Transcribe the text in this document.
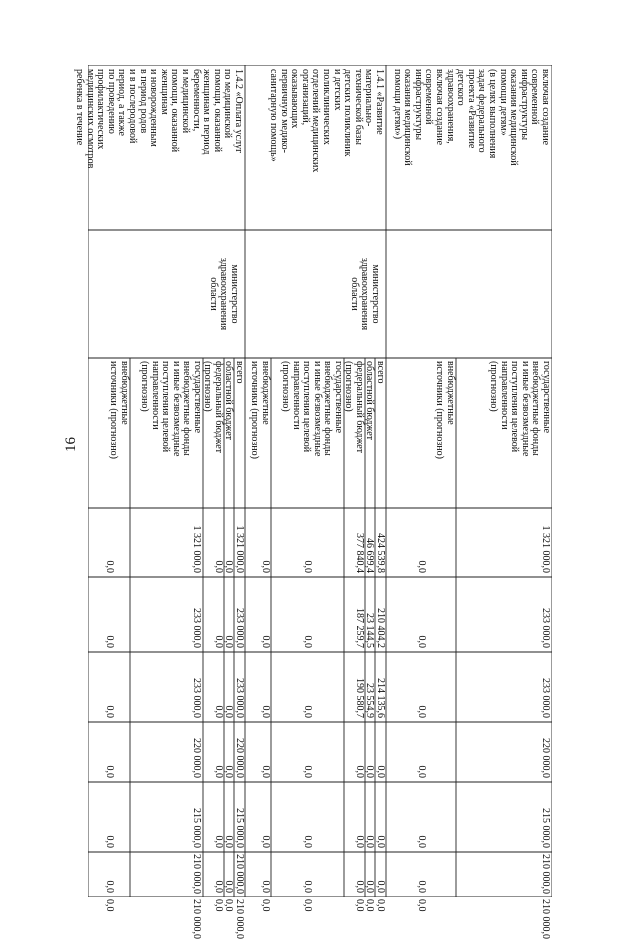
16
включая создание
современной
инфраструктуры
оказания медицинской
помощи детям»
(в целях выполнения
задач федерального
проекта «Развитие
детского
здравоохранения,
включая создание
современной
инфраструктуры
оказания медицинской
помощи детям»)
государственные
внебюджетные фонды
и иные безвозмездные
поступления целевой
направленности
(прогнозно)
1 321 000,0
233 000,0
233 000,0
220 000,0
215 000,0
210 000,0
210 000,0
внебюджетные
источники (прогнозно)
0,0
0,0
0,0
0,0
0,0
0,0
0,0
1.4.1 «Развитие
материально-
технической базы
детских поликлиник
и детских
поликлинических
отделений медицинских
организаций,
оказывающих
первичную медико-
санитарную помощь»
министерство
здравоохранения
области
всего
424 539,8
210 404,2
214 135,6
0,0
0,0
0,0
0,0
областной бюджет
46 699,4
23 144,5
23 554,9
0,0
0,0
0,0
0,0
федеральный бюджет
(прогнозно)
377 840,4
187 259,7
190 580,7
0,0
0,0
0,0
0,0
государственные
внебюджетные фонды
и иные безвозмездные
поступления целевой
направленности
(прогнозно)
0,0
0,0
0,0
0,0
0,0
0,0
0,0
внебюджетные
источники (прогнозно)
0,0
0,0
0,0
0,0
0,0
0,0
0,0
1.4.2 «Оплата услуг
по медицинской
помощи, оказанной
женщинам в период
беременности,
и медицинской
помощи, оказанной
женщинам
и новорожденным
в период родов
и в послеродовой
период, а также
по проведению
профилактических
медицинских осмотров
ребенка в течение
министерство
здравоохранения
области
всего
1 321 000,0
233 000,0
233 000,0
220 000,0
215 000,0
210 000,0
210 000,0
областной бюджет
0,0
0,0
0,0
0,0
0,0
0,0
0,0
федеральный бюджет
(прогнозно)
0,0
0,0
0,0
0,0
0,0
0,0
0,0
государственные
внебюджетные фонды
и иные безвозмездные
поступления целевой
направленности
(прогнозно)
1 321 000,0
233 000,0
233 000,0
220 000,0
215 000,0
210 000,0
210 000,0
внебюджетные
источники (прогнозно)
0,0
0,0
0,0
0,0
0,0
0,0
0,0
